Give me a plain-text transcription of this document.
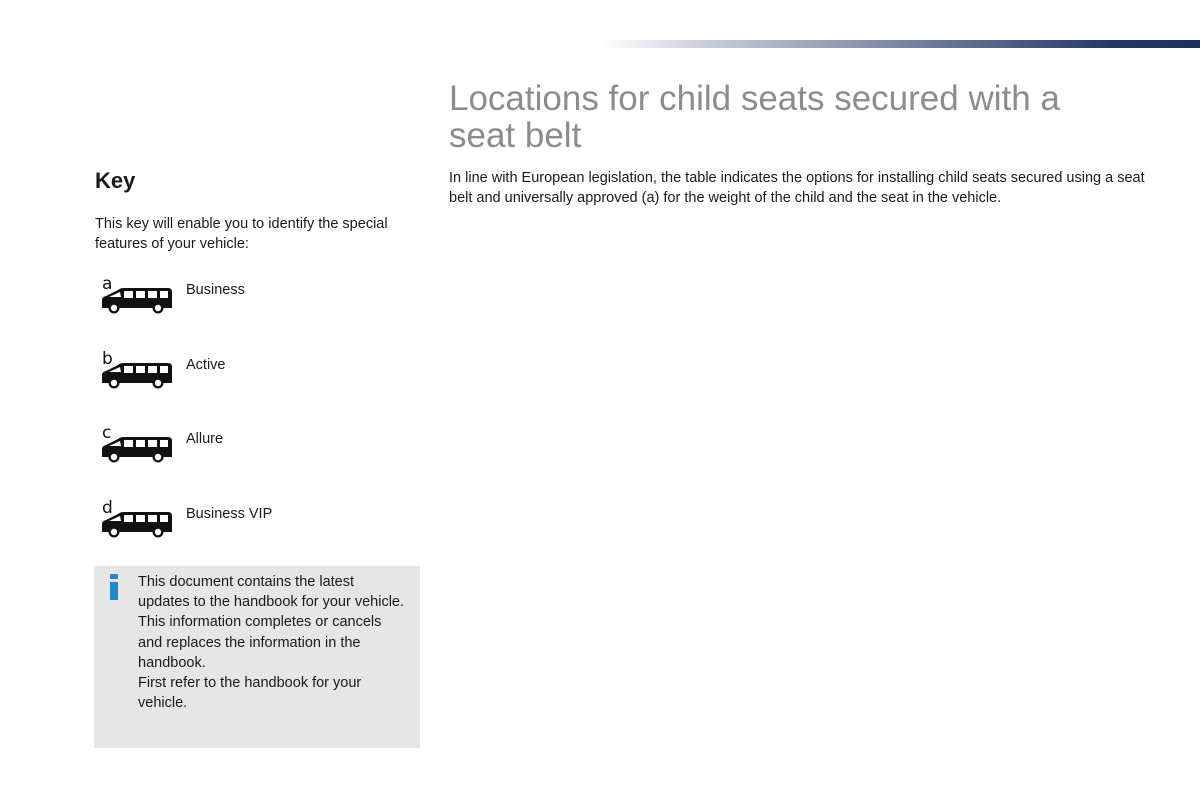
Key

This key will enable you to identify the special features of your vehicle:

a	Business
b	Active
c	Allure
d	Business VIP

This document contains the latest updates to the handbook for your vehicle.

This information completes or cancels and replaces the information in the handbook.

First refer to the handbook for your vehicle.

Locations for child seats secured with a seat belt

In line with European legislation, the table indicates the options for installing child seats secured using a seat belt and universally approved (a) for the weight of the child and the seat in the vehicle.
